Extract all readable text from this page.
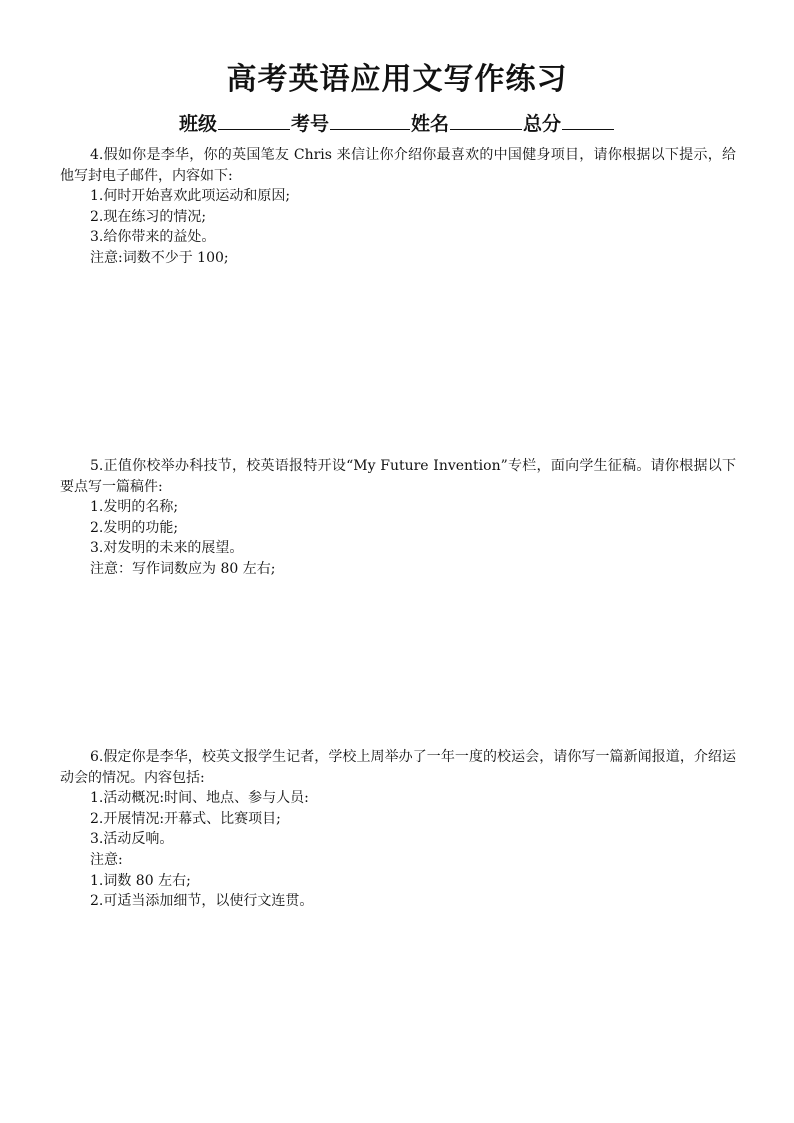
高考英语应用文写作练习
班级	考号	姓名	总分

4.假如你是李华，你的英国笔友 Chris 来信让你介绍你最喜欢的中国健身项目，请你根据以下提示，给他写封电子邮件，内容如下:

1.何时开始喜欢此项运动和原因;

2.现在练习的情况;

3.给你带来的益处。

注意:词数不少于 100;

5.正值你校举办科技节，校英语报特开设“My Future Invention”专栏，面向学生征稿。请你根据以下要点写一篇稿件:

1.发明的名称;

2.发明的功能;

3.对发明的未来的展望。

注意：写作词数应为 80 左右;

6.假定你是李华，校英文报学生记者，学校上周举办了一年一度的校运会，请你写一篇新闻报道，介绍运动会的情况。内容包括:

1.活动概况:时间、地点、参与人员:

2.开展情况:开幕式、比赛项目;

3.活动反响。

注意:

1.词数 80 左右;

2.可适当添加细节，以使行文连贯。
